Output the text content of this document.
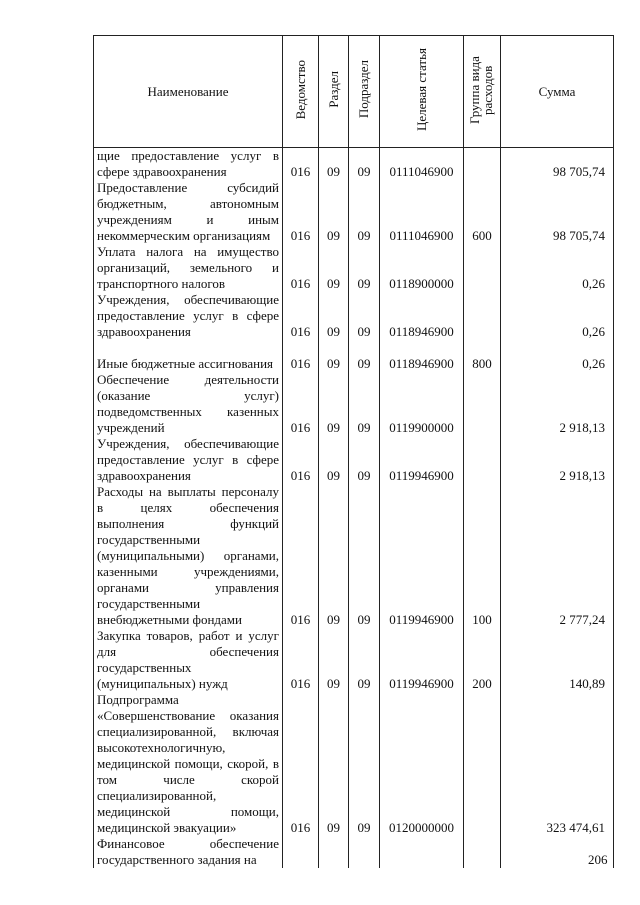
Наименование	Ведомство	Раздел	Подраздел	Целевая статья	Группа вида расходов	Сумма
щие предоставление услуг в сфере здравоохранения	016	09	09	0111046900		98 705,74
Предоставление субсидий бюджетным, автономным учреждениям и иным некоммерческим организациям	016	09	09	0111046900	600	98 705,74
Уплата налога на имущество организаций, земельного и транспортного налогов	016	09	09	0118900000		0,26
Учреждения, обеспечивающие предоставление услуг в сфере здравоохранения	016	09	09	0118946900		0,26
Иные бюджетные ассигнования	016	09	09	0118946900	800	0,26
Обеспечение деятельности (оказание услуг) подведомственных казенных учреждений	016	09	09	0119900000		2 918,13
Учреждения, обеспечивающие предоставление услуг в сфере здравоохранения	016	09	09	0119946900		2 918,13
Расходы на выплаты персоналу в целях обеспечения выполнения функций государственными (муниципальными) органами, казенными учреждениями, органами управления государственными внебюджетными фондами	016	09	09	0119946900	100	2 777,24
Закупка товаров, работ и услуг для обеспечения государственных (муниципальных) нужд	016	09	09	0119946900	200	140,89
Подпрограмма «Совершенствование оказания специализированной, включая высокотехнологичную, медицинской помощи, скорой, в том числе скорой специализированной, медицинской помощи, медицинской эвакуации»	016	09	09	0120000000		323 474,61
Финансовое обеспечение государственного задания на							206
